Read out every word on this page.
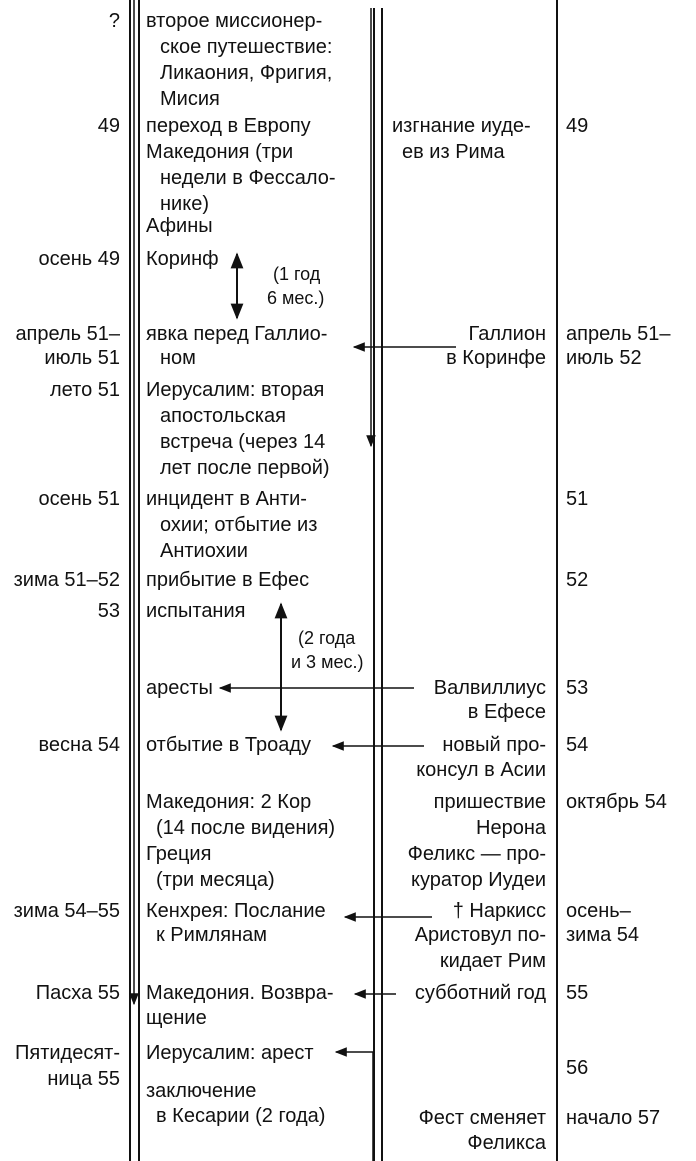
?
49
осень 49
апрель 51–
июль 51
лето 51
осень 51
зима 51–52
53
весна 54
зима 54–55
Пасха 55
Пятидесят-
ница 55
второе миссионер-
ское путешествие:
Ликаония, Фригия,
Мисия
переход в Европу
Македония (три
недели в Фессало-
нике)
Афины
Коринф
явка перед Галлио-
ном
Иерусалим: вторая
апостольская
встреча (через 14
лет после первой)
инцидент в Анти-
охии; отбытие из
Антиохии
прибытие в Ефес
испытания
аресты
отбытие в Троаду
Македония: 2 Кор
(14 после видения)
Греция
(три месяца)
Кенхрея: Послание
к Римлянам
Македония. Возвра-
щение
Иерусалим: арест
заключение
в Кесарии (2 года)
(1 год
6 мес.)
(2 года
и 3 мес.)
изгнание иуде-
ев из Рима
Галлион
в Коринфе
Валвиллиус
в Ефесе
новый про-
консул в Асии
пришествие
Нерона
Феликс — про-
куратор Иудеи
† Наркисс
Аристовул по-
кидает Рим
субботний год
Фест сменяет
Феликса
49
апрель 51–
июль 52
51
52
53
54
октябрь 54
осень–
зима 54
55
56
начало 57
